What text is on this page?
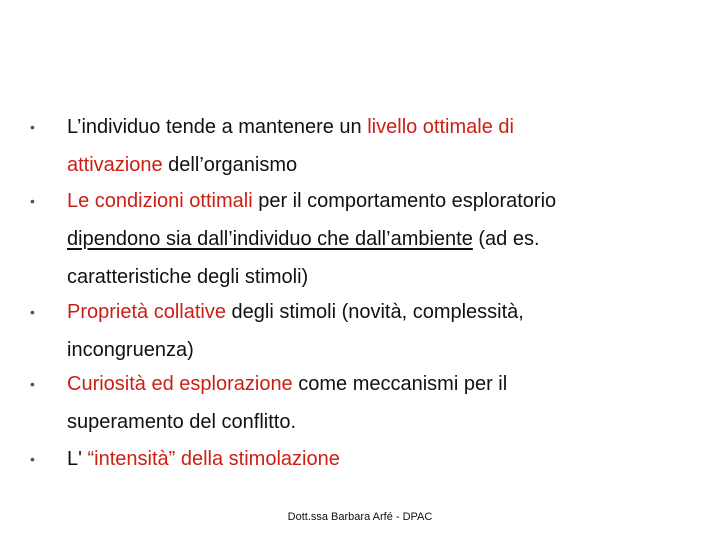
• L’individuo tende a mantenere un livello ottimale di
attivazione dell’organismo
• Le condizioni ottimali per il comportamento esploratorio
dipendono sia dall’individuo che dall’ambiente (ad es.
caratteristiche degli stimoli)
• Proprietà collative degli stimoli (novità, complessità,
incongruenza)
• Curiosità ed esplorazione come meccanismi per il
superamento del conflitto.
• L' “intensità” della stimolazione
Dott.ssa Barbara Arfé - DPAC
